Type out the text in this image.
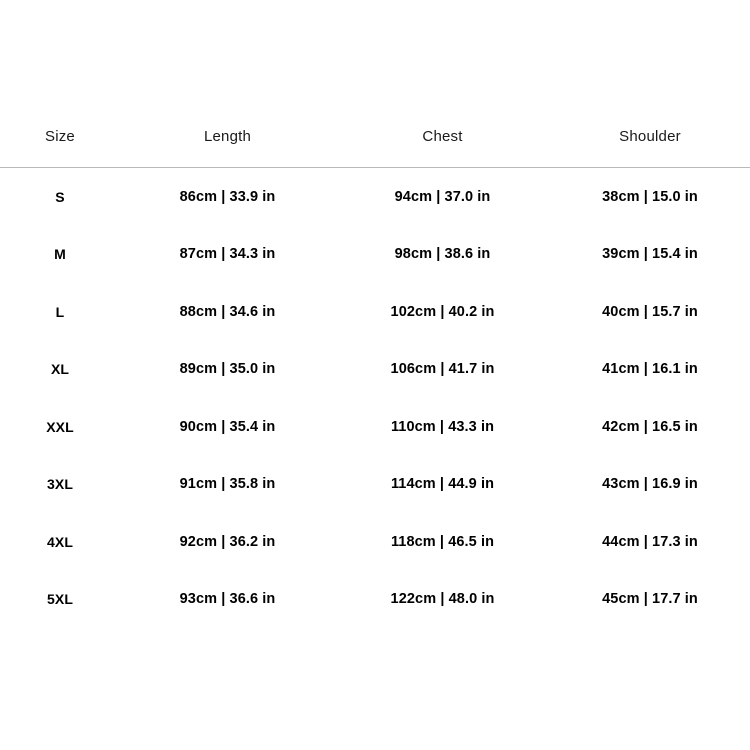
Size	Length	Chest	Shoulder
S	86cm | 33.9 in	94cm | 37.0 in	38cm | 15.0 in
M	87cm | 34.3 in	98cm | 38.6 in	39cm | 15.4 in
L	88cm | 34.6 in	102cm | 40.2 in	40cm | 15.7 in
XL	89cm | 35.0 in	106cm | 41.7 in	41cm | 16.1 in
XXL	90cm | 35.4 in	110cm | 43.3 in	42cm | 16.5 in
3XL	91cm | 35.8 in	114cm | 44.9 in	43cm | 16.9 in
4XL	92cm | 36.2 in	118cm | 46.5 in	44cm | 17.3 in
5XL	93cm | 36.6 in	122cm | 48.0 in	45cm | 17.7 in
